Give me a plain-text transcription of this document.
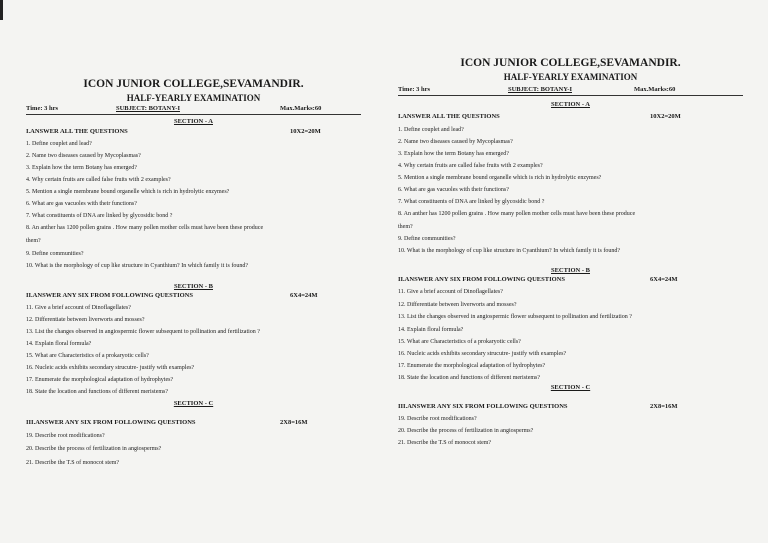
ICON JUNIOR COLLEGE,SEVAMANDIR.
HALF-YEARLY EXAMINATION
Time: 3 hrs	SUBJECT: BOTANY-I	Max.Marks:60
SECTION - A
I.ANSWER ALL THE QUESTIONS	10X2=20M
1. Define couplet and lead?
2. Name two diseases caused by Mycoplasmas?
3. Explain how the term Botany has emerged?
4. Why certain fruits are called false fruits with 2 examples?
5. Mention a single membrane bound organelle which is rich in hydrolytic enzymes?
6. What are gas vacuoles with their functions?
7. What constituents of DNA are linked by glycosidic bond ?
8. An anther has 1200 pollen grains . How many pollen mother cells must have been these produce
them?
9. Define communities?
10. What is the morphology of cup like structure in Cyanthium? In which family it is found?
SECTION - B
II.ANSWER ANY SIX FROM FOLLOWING QUESTIONS	6X4=24M
11. Give a brief account of Dinoflagellates?
12. Differentiate between liverworts and mosses?
13. List the changes observed in angiospermic flower subsequent to pollination and fertilization ?
14. Explain floral formula?
15. What are Characteristics of a prokaryotic cells?
16. Nucleic acids exhibits secondary strucutre- justify with examples?
17. Enumerate the morphological adaptation of hydrophytes?
18. State the location and functions of different meristems?
SECTION - C
III.ANSWER ANY SIX FROM FOLLOWING QUESTIONS	2X8=16M
19. Describe root modifications?
20. Describe the process of fertilization in angiosperms?
21. Describe the T.S of monocot stem?
ICON JUNIOR COLLEGE,SEVAMANDIR.
HALF-YEARLY EXAMINATION
Time: 3 hrs	SUBJECT: BOTANY-I	Max.Marks:60
SECTION - A
I.ANSWER ALL THE QUESTIONS	10X2=20M
1. Define couplet and lead?
2. Name two diseases caused by Mycoplasmas?
3. Explain how the term Botany has emerged?
4. Why certain fruits are called false fruits with 2 examples?
5. Mention a single membrane bound organelle which is rich in hydrolytic enzymes?
6. What are gas vacuoles with their functions?
7. What constituents of DNA are linked by glycosidic bond ?
8. An anther has 1200 pollen grains . How many pollen mother cells must have been these produce
them?
9. Define communities?
10. What is the morphology of cup like structure in Cyanthium? In which family it is found?
SECTION - B
II.ANSWER ANY SIX FROM FOLLOWING QUESTIONS	6X4=24M
11. Give a brief account of Dinoflagellates?
12. Differentiate between liverworts and mosses?
13. List the changes observed in angiospermic flower subsequent to pollination and fertilization ?
14. Explain floral formula?
15. What are Characteristics of a prokaryotic cells?
16. Nucleic acids exhibits secondary strucutre- justify with examples?
17. Enumerate the morphological adaptation of hydrophytes?
18. State the location and functions of different meristems?
SECTION - C
III.ANSWER ANY SIX FROM FOLLOWING QUESTIONS	2X8=16M
19. Describe root modifications?
20. Describe the process of fertilization in angiosperms?
21. Describe the T.S of monocot stem?
